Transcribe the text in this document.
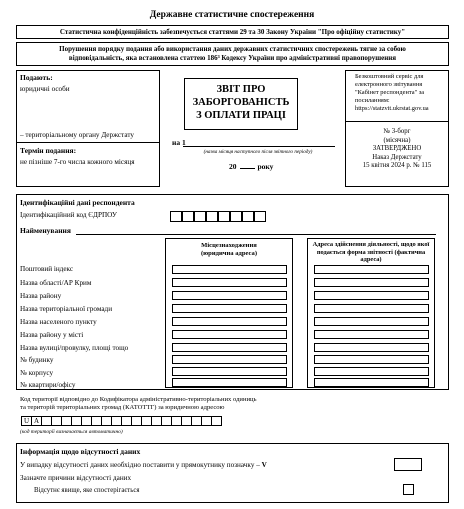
Державне статистичне спостереження
Статистична конфіденційність забезпечується статтями 29 та 30 Закону України "Про офіційну статистику"
Порушення порядку подання або використання даних державних статистичних спостережень тягне за собою відповідальність, яка встановлена статтею 186³ Кодексу України про адміністративні правопорушення
Подають:
юридичні особи
– територіальному органу Держстату
Термін подання:
не пізніше 7-го числа кожного місяця
ЗВІТ ПРО ЗАБОРГОВАНІСТЬ З ОПЛАТИ ПРАЦІ
на 1
(назва місяця наступного після звітного періоду)
20	року
Безкоштовний сервіс для електронного звітування "Кабінет респондента" за посиланням: https://statzvit.ukrstat.gov.ua
№ 3-борг
(місячна)
ЗАТВЕРДЖЕНО
Наказ Держстату
15 квітня 2024 р. № 115
Ідентифікаційні дані респондента
Ідентифікаційний код ЄДРПОУ
Найменування
Місцезнаходження (юридична адреса)
Адреса здійснення діяльності, щодо якої подається форма звітності (фактична адреса)
Поштовий індекс
Назва області/АР Крим
Назва району
Назва територіальної громади
Назва населеного пункту
Назва району у місті
Назва вулиці/провулку, площі тощо
№ будинку
№ корпусу
№ квартири/офісу
Код території відповідно до Кодифікатора адміністративно-територіальних одиниць
та територій територіальних громад (КАТОТТГ) за юридичною адресою
U A
(код території визначається автоматично)
Інформація щодо відсутності даних
У випадку відсутності даних необхідно поставити у прямокутнику позначку – V
Зазначте причини відсутності даних
Відсутнє явище, яке спостерігається
